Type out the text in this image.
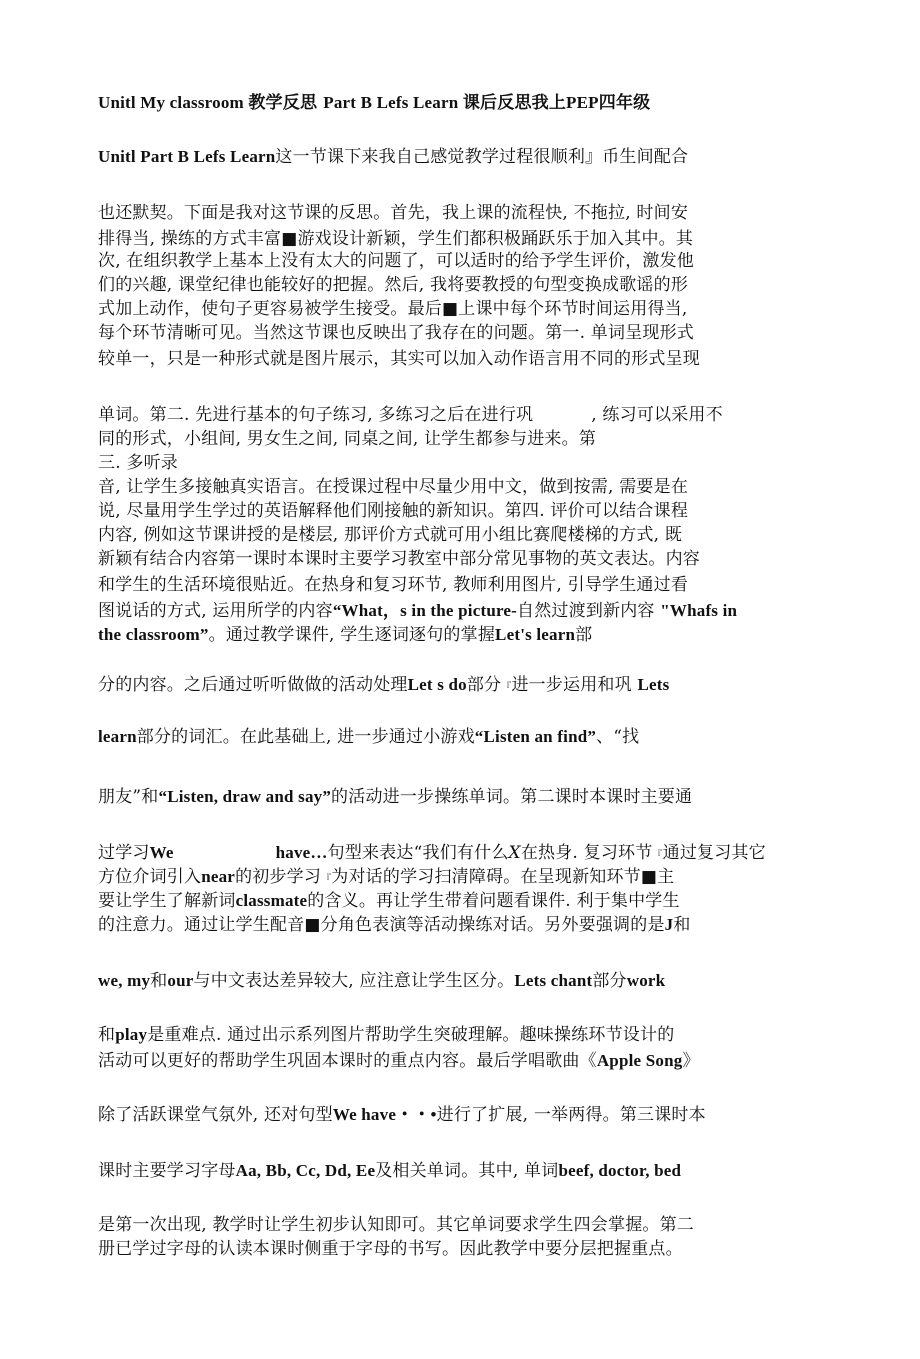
Unitl My classroom 教学反思 Part B Lefs Learn 课后反思我上PEP四年级
Unitl Part B Lefs Learn这一节课下来我自己感觉教学过程很顺利』币生间配合
也还默契。下面是我对这节课的反思。首先，我上课的流程快, 不拖拉, 时间安
排得当, 操练的方式丰富■游戏设计新颖，学生们都积极踊跃乐于加入其中。其
次, 在组织教学上基本上没有太大的问题了，可以适时的给予学生评价，激发他
们的兴趣, 课堂纪律也能较好的把握。然后, 我将要教授的句型变换成歌谣的形
式加上动作，使句子更容易被学生接受。最后■上课中每个环节时间运用得当,
每个环节清晰可见。当然这节课也反映出了我存在的问题。第一. 单词呈现形式
较单一，只是一种形式就是图片展示，其实可以加入动作语言用不同的形式呈现
单词。第二. 先进行基本的句子练习, 多练习之后在进行巩	, 练习可以采用不
同的形式，小组间, 男女生之间, 同桌之间, 让学生都参与进来。第
三. 多听录
音, 让学生多接触真实语言。在授课过程中尽量少用中文，做到按需, 需要是在
说, 尽量用学生学过的英语解释他们刚接触的新知识。第四. 评价可以结合课程
内容, 例如这节课讲授的是楼层, 那评价方式就可用小组比赛爬楼梯的方式, 既
新颖有结合内容第一课时本课时主要学习教室中部分常见事物的英文表达。内容
和学生的生活环境很贴近。在热身和复习环节, 教师利用图片, 引导学生通过看
图说话的方式, 运用所学的内容“What，s in the picture-自然过渡到新内容 "Whafs in
the classroom”。通过教学课件, 学生逐词逐句的掌握Let's learn部
分的内容。之后通过听听做做的活动处理Let s do部分『进一步运用和巩 Lets
learn部分的词汇。在此基础上, 进一步通过小游戏“Listen an find”、“找
朋友”和“Listen, draw and say”的活动进一步操练单词。第二课时本课时主要通
过学习We	have…句型来表达“我们有什么X在热身. 复习环节『通过复习其它
方位介词引入near的初步学习『为对话的学习扫清障碍。在呈现新知环节■主
要让学生了解新词classmate的含义。再让学生带着问题看课件. 利于集中学生
的注意力。通过让学生配音■分角色表演等活动操练对话。另外要强调的是J和
we, my和our与中文表达差异较大, 应注意让学生区分。Lets chant部分work
和play是重难点. 通过出示系列图片帮助学生突破理解。趣味操练环节设计的
活动可以更好的帮助学生巩固本课时的重点内容。最后学唱歌曲《Apple Song》
除了活跃课堂气氛外, 还对句型We have・・•进行了扩展, 一举两得。第三课时本
课时主要学习字母Aa, Bb, Cc, Dd, Ee及相关单词。其中, 单词beef, doctor, bed
是第一次出现, 教学时让学生初步认知即可。其它单词要求学生四会掌握。第二
册已学过字母的认读本课时侧重于字母的书写。因此教学中要分层把握重点。
